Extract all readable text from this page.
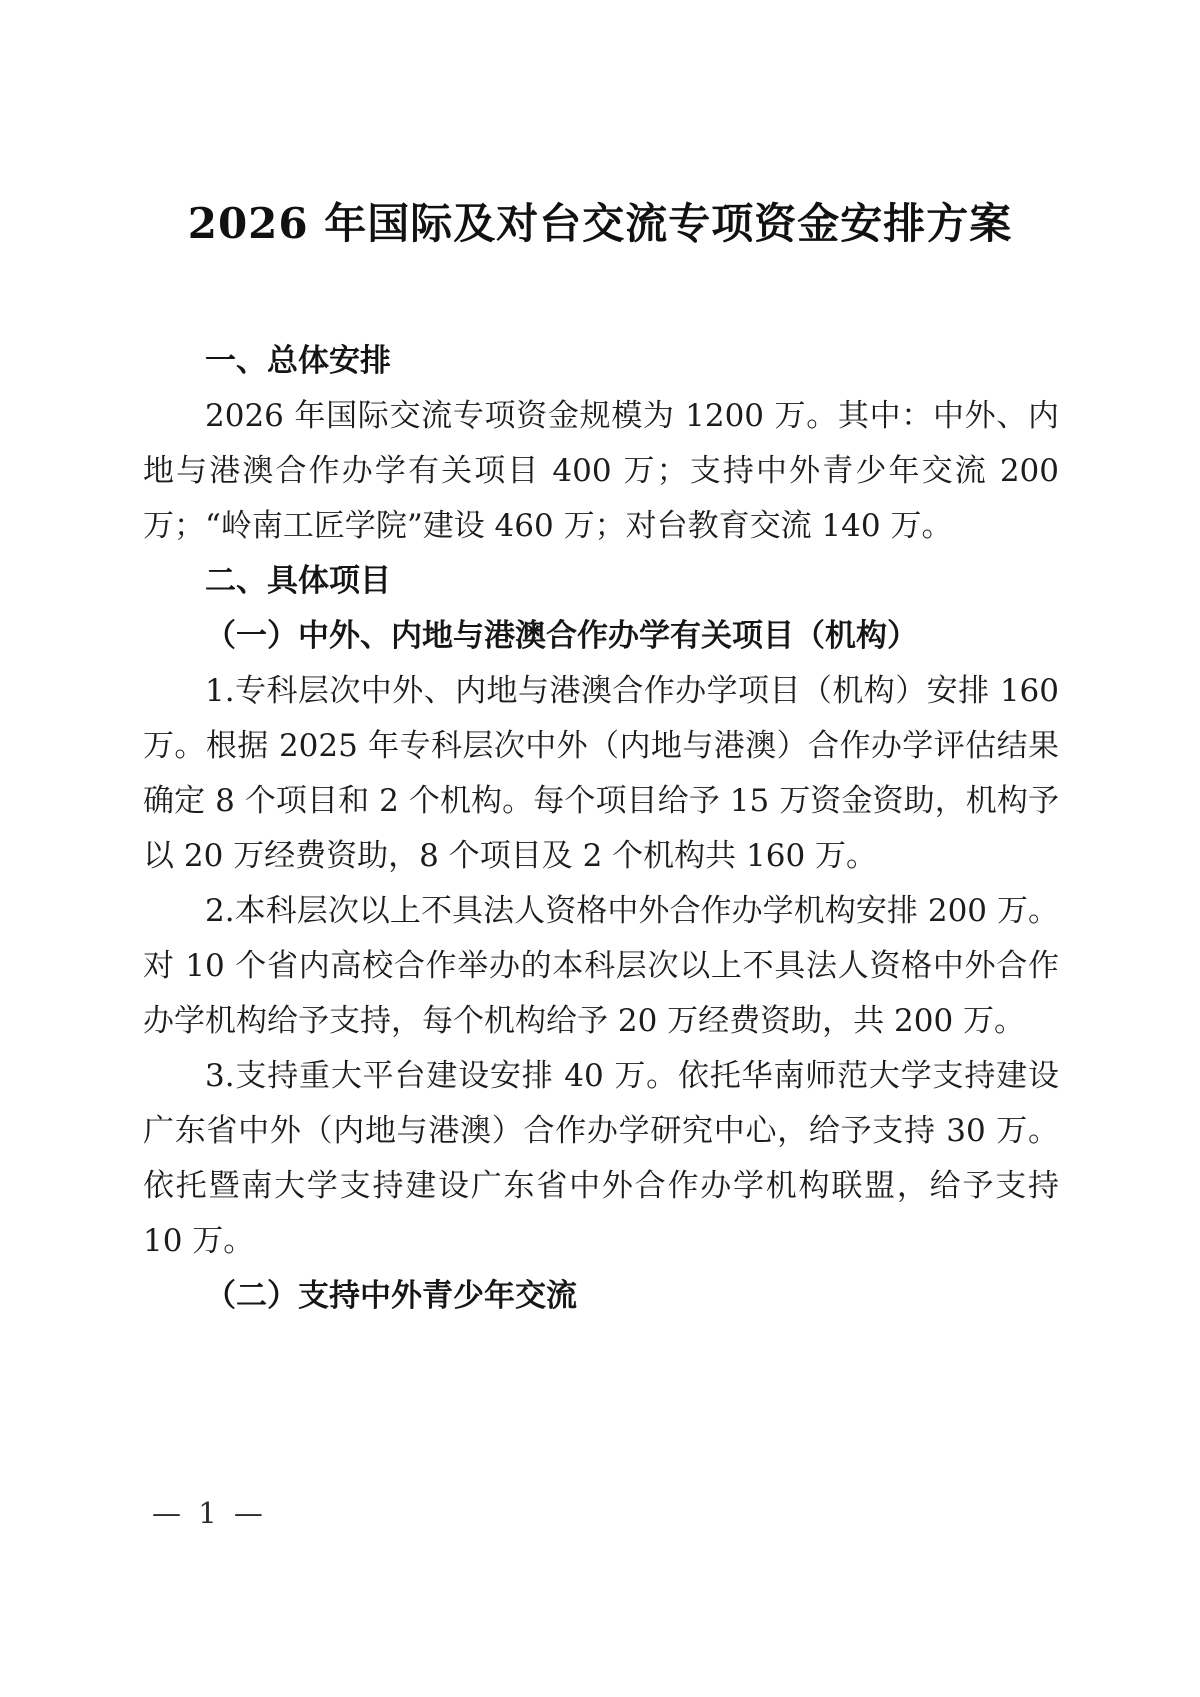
2026 年国际及对台交流专项资金安排方案

一、总体安排

2026 年国际交流专项资金规模为 1200 万。其中：中外、内地与港澳合作办学有关项目 400 万；支持中外青少年交流 200 万；“岭南工匠学院”建设 460 万；对台教育交流 140 万。

二、具体项目

（一）中外、内地与港澳合作办学有关项目（机构）

1.专科层次中外、内地与港澳合作办学项目（机构）安排 160 万。根据 2025 年专科层次中外（内地与港澳）合作办学评估结果确定 8 个项目和 2 个机构。每个项目给予 15 万资金资助，机构予以 20 万经费资助，8 个项目及 2 个机构共 160 万。

2.本科层次以上不具法人资格中外合作办学机构安排 200 万。对 10 个省内高校合作举办的本科层次以上不具法人资格中外合作办学机构给予支持，每个机构给予 20 万经费资助，共 200 万。

3.支持重大平台建设安排 40 万。依托华南师范大学支持建设广东省中外（内地与港澳）合作办学研究中心，给予支持 30 万。依托暨南大学支持建设广东省中外合作办学机构联盟，给予支持 10 万。

（二）支持中外青少年交流

— 1 —
